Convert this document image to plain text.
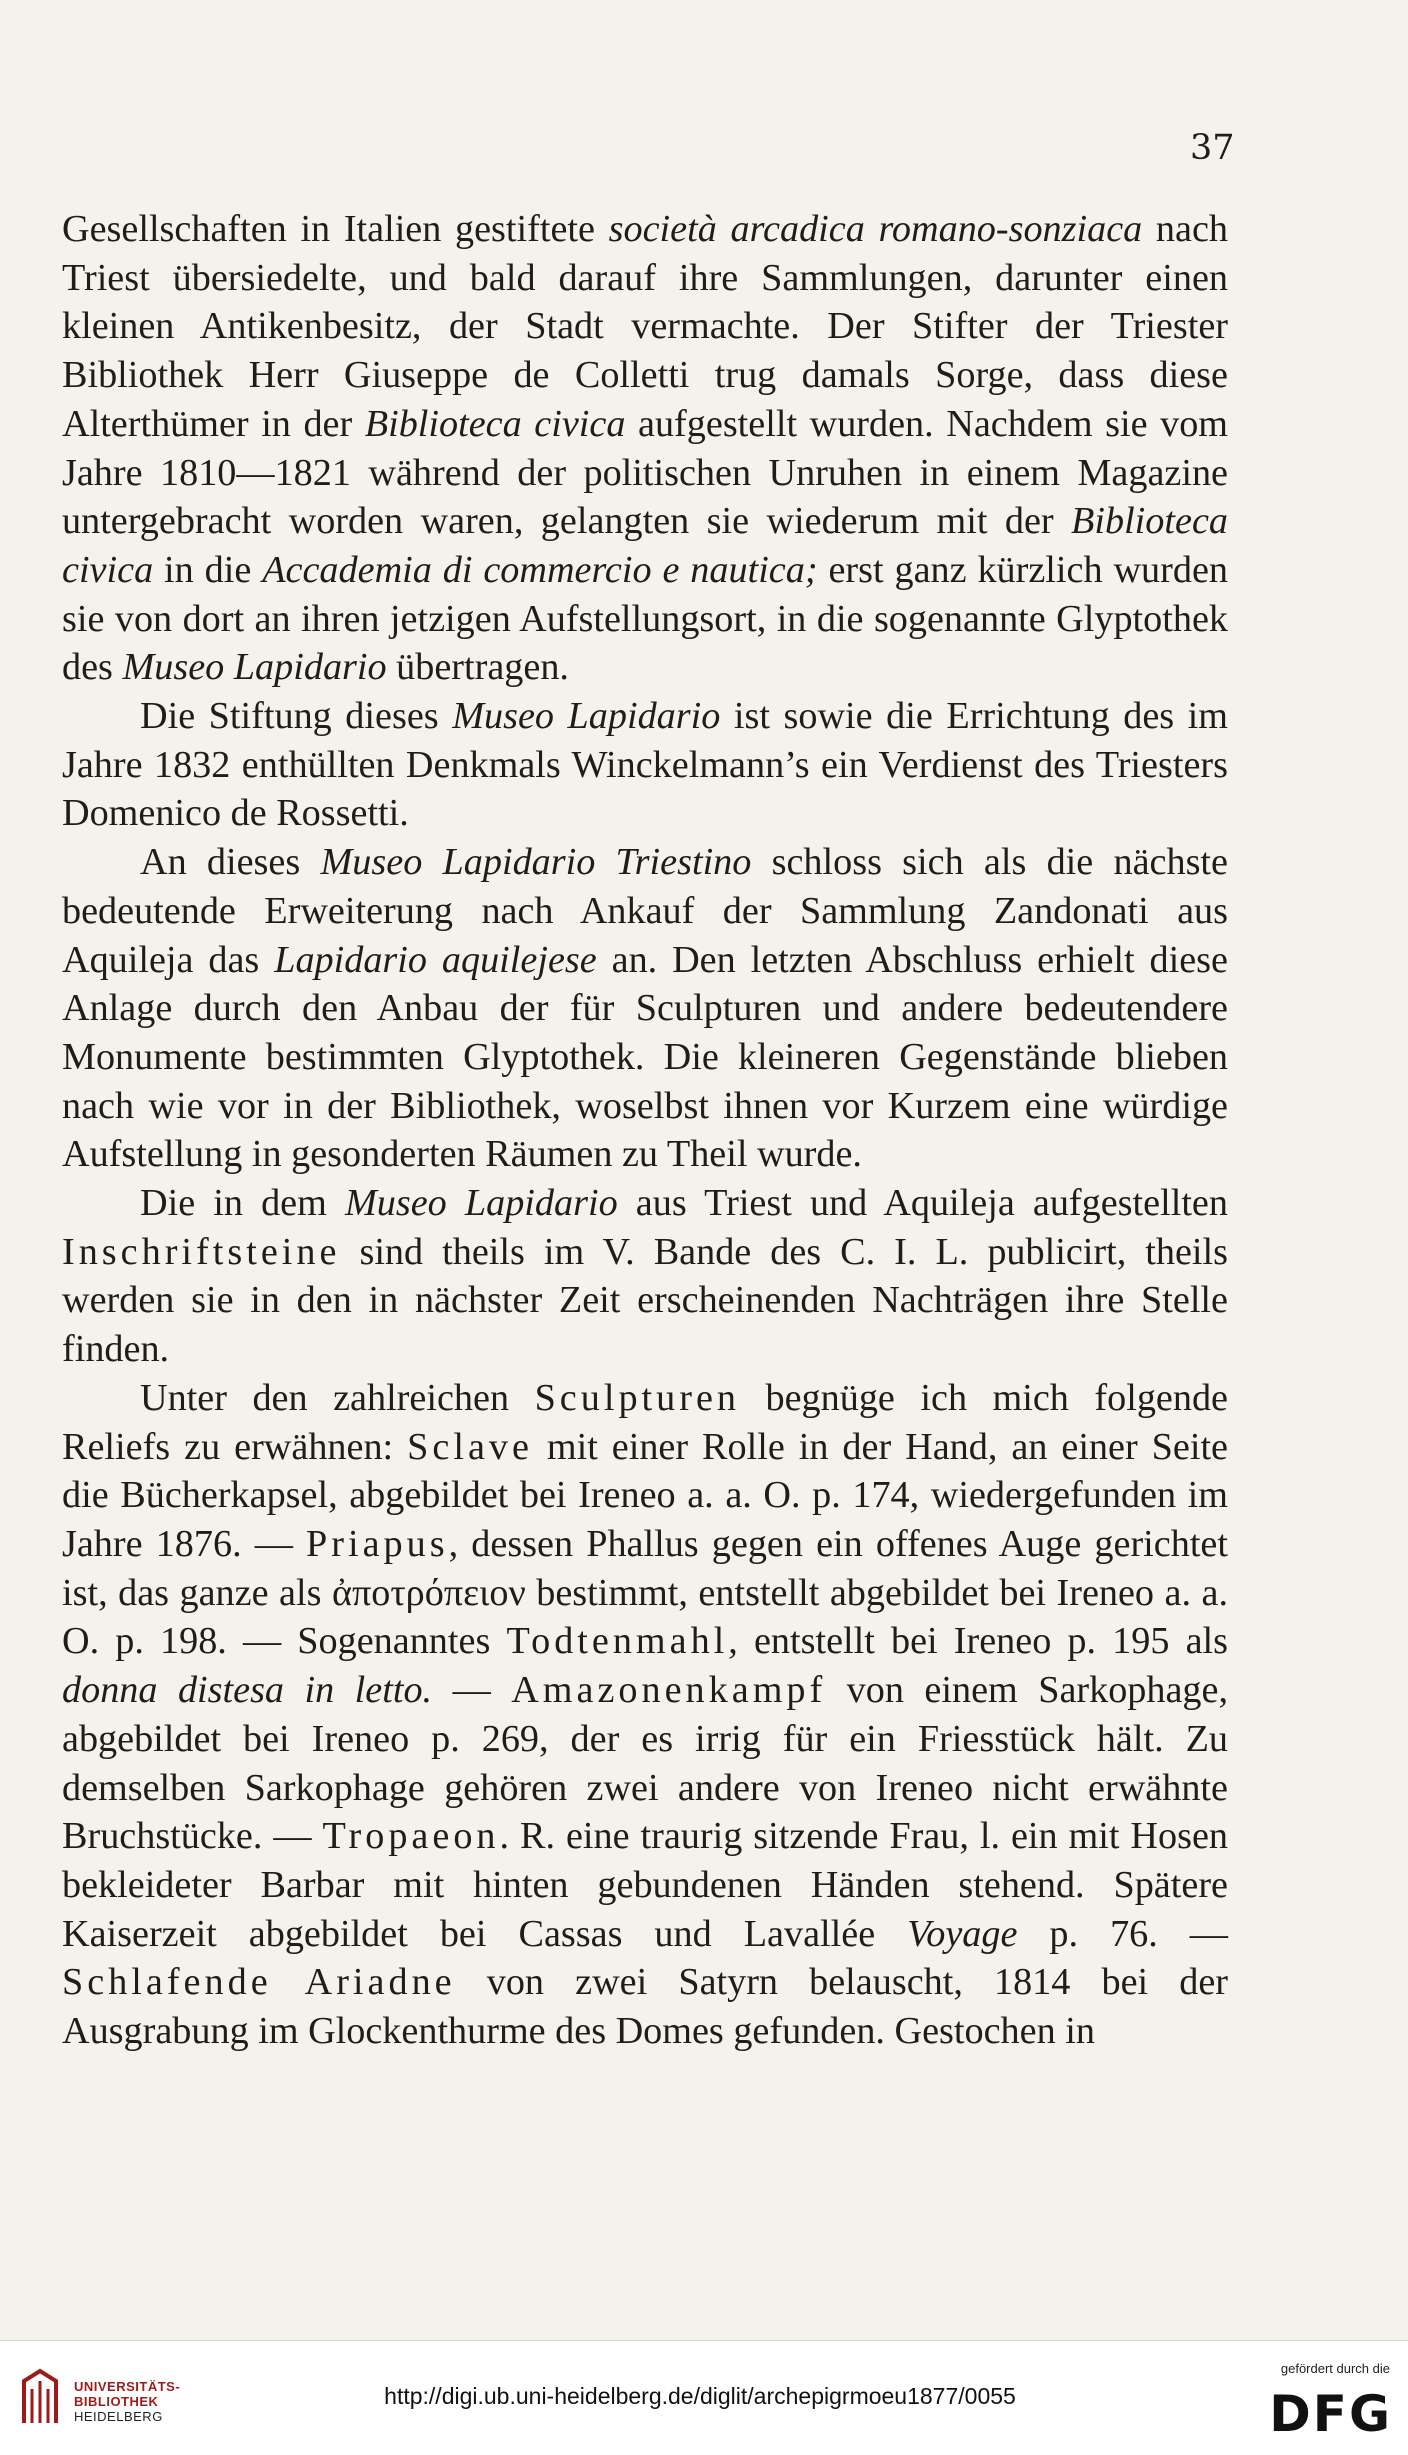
37

Gesellschaften in Italien gestiftete società arcadica romano-sonziaca nach Triest übersiedelte, und bald darauf ihre Sammlungen, darunter einen kleinen Antikenbesitz, der Stadt vermachte. Der Stifter der Triester Bibliothek Herr Giuseppe de Colletti trug damals Sorge, dass diese Alterthümer in der Biblioteca civica aufgestellt wurden. Nachdem sie vom Jahre 1810—1821 während der politischen Unruhen in einem Magazine untergebracht worden waren, gelangten sie wiederum mit der Biblioteca civica in die Accademia di commercio e nautica; erst ganz kürzlich wurden sie von dort an ihren jetzigen Aufstellungsort, in die sogenannte Glyptothek des Museo Lapidario übertragen.

Die Stiftung dieses Museo Lapidario ist sowie die Errichtung des im Jahre 1832 enthüllten Denkmals Winckelmann’s ein Verdienst des Triesters Domenico de Rossetti.

An dieses Museo Lapidario Triestino schloss sich als die nächste bedeutende Erweiterung nach Ankauf der Sammlung Zandonati aus Aquileja das Lapidario aquilejese an. Den letzten Abschluss erhielt diese Anlage durch den Anbau der für Sculpturen und andere bedeutendere Monumente bestimmten Glyptothek. Die kleineren Gegenstände blieben nach wie vor in der Bibliothek, woselbst ihnen vor Kurzem eine würdige Aufstellung in gesonderten Räumen zu Theil wurde.

Die in dem Museo Lapidario aus Triest und Aquileja aufgestellten Inschriftsteine sind theils im V. Bande des C. I. L. publicirt, theils werden sie in den in nächster Zeit erscheinenden Nachträgen ihre Stelle finden.

Unter den zahlreichen Sculpturen begnüge ich mich folgende Reliefs zu erwähnen: Sclave mit einer Rolle in der Hand, an einer Seite die Bücherkapsel, abgebildet bei Ireneo a. a. O. p. 174, wiedergefunden im Jahre 1876. — Priapus, dessen Phallus gegen ein offenes Auge gerichtet ist, das ganze als ἀποτρόπειον bestimmt, entstellt abgebildet bei Ireneo a. a. O. p. 198. — Sogenanntes Todtenmahl, entstellt bei Ireneo p. 195 als donna distesa in letto. — Amazonenkampf von einem Sarkophage, abgebildet bei Ireneo p. 269, der es irrig für ein Friesstück hält. Zu demselben Sarkophage gehören zwei andere von Ireneo nicht erwähnte Bruchstücke. — Tropaeon. R. eine traurig sitzende Frau, l. ein mit Hosen bekleideter Barbar mit hinten gebundenen Händen stehend. Spätere Kaiserzeit abgebildet bei Cassas und Lavallée Voyage p. 76. — Schlafende Ariadne von zwei Satyrn belauscht, 1814 bei der Ausgrabung im Glockenthurme des Domes gefunden. Gestochen in

UNIVERSITÄTS-
BIBLIOTHEK
HEIDELBERG
http://digi.ub.uni-heidelberg.de/diglit/archepigrmoeu1877/0055
gefördert durch die
DFG
